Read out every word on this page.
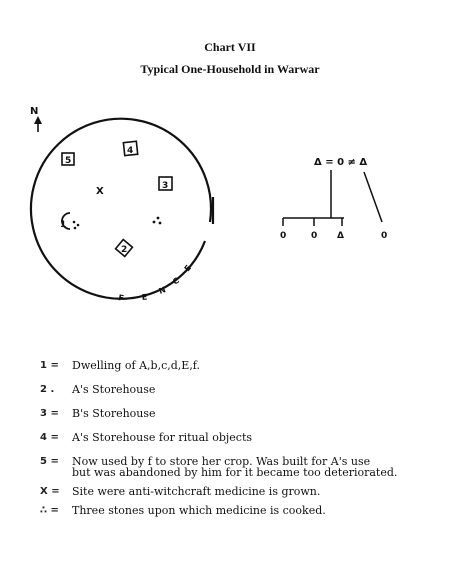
Chart VII
Typical One-Household in Warwar
N
F E
N
C
E
5
4
3
1
2
X
Δ = 0 ≠ Δ
0	0 Δ	0
1 =	Dwelling of A,b,c,d,E,f.
2 .	A's Storehouse
3 =	B's Storehouse
4 =	A's Storehouse for ritual objects
5 =	Now used by f to store her crop. Was built for A's use
but was abandoned by him for it became too deteriorated.
X =	Site were anti-witchcraft medicine is grown.
∴ =	Three stones upon which medicine is cooked.
